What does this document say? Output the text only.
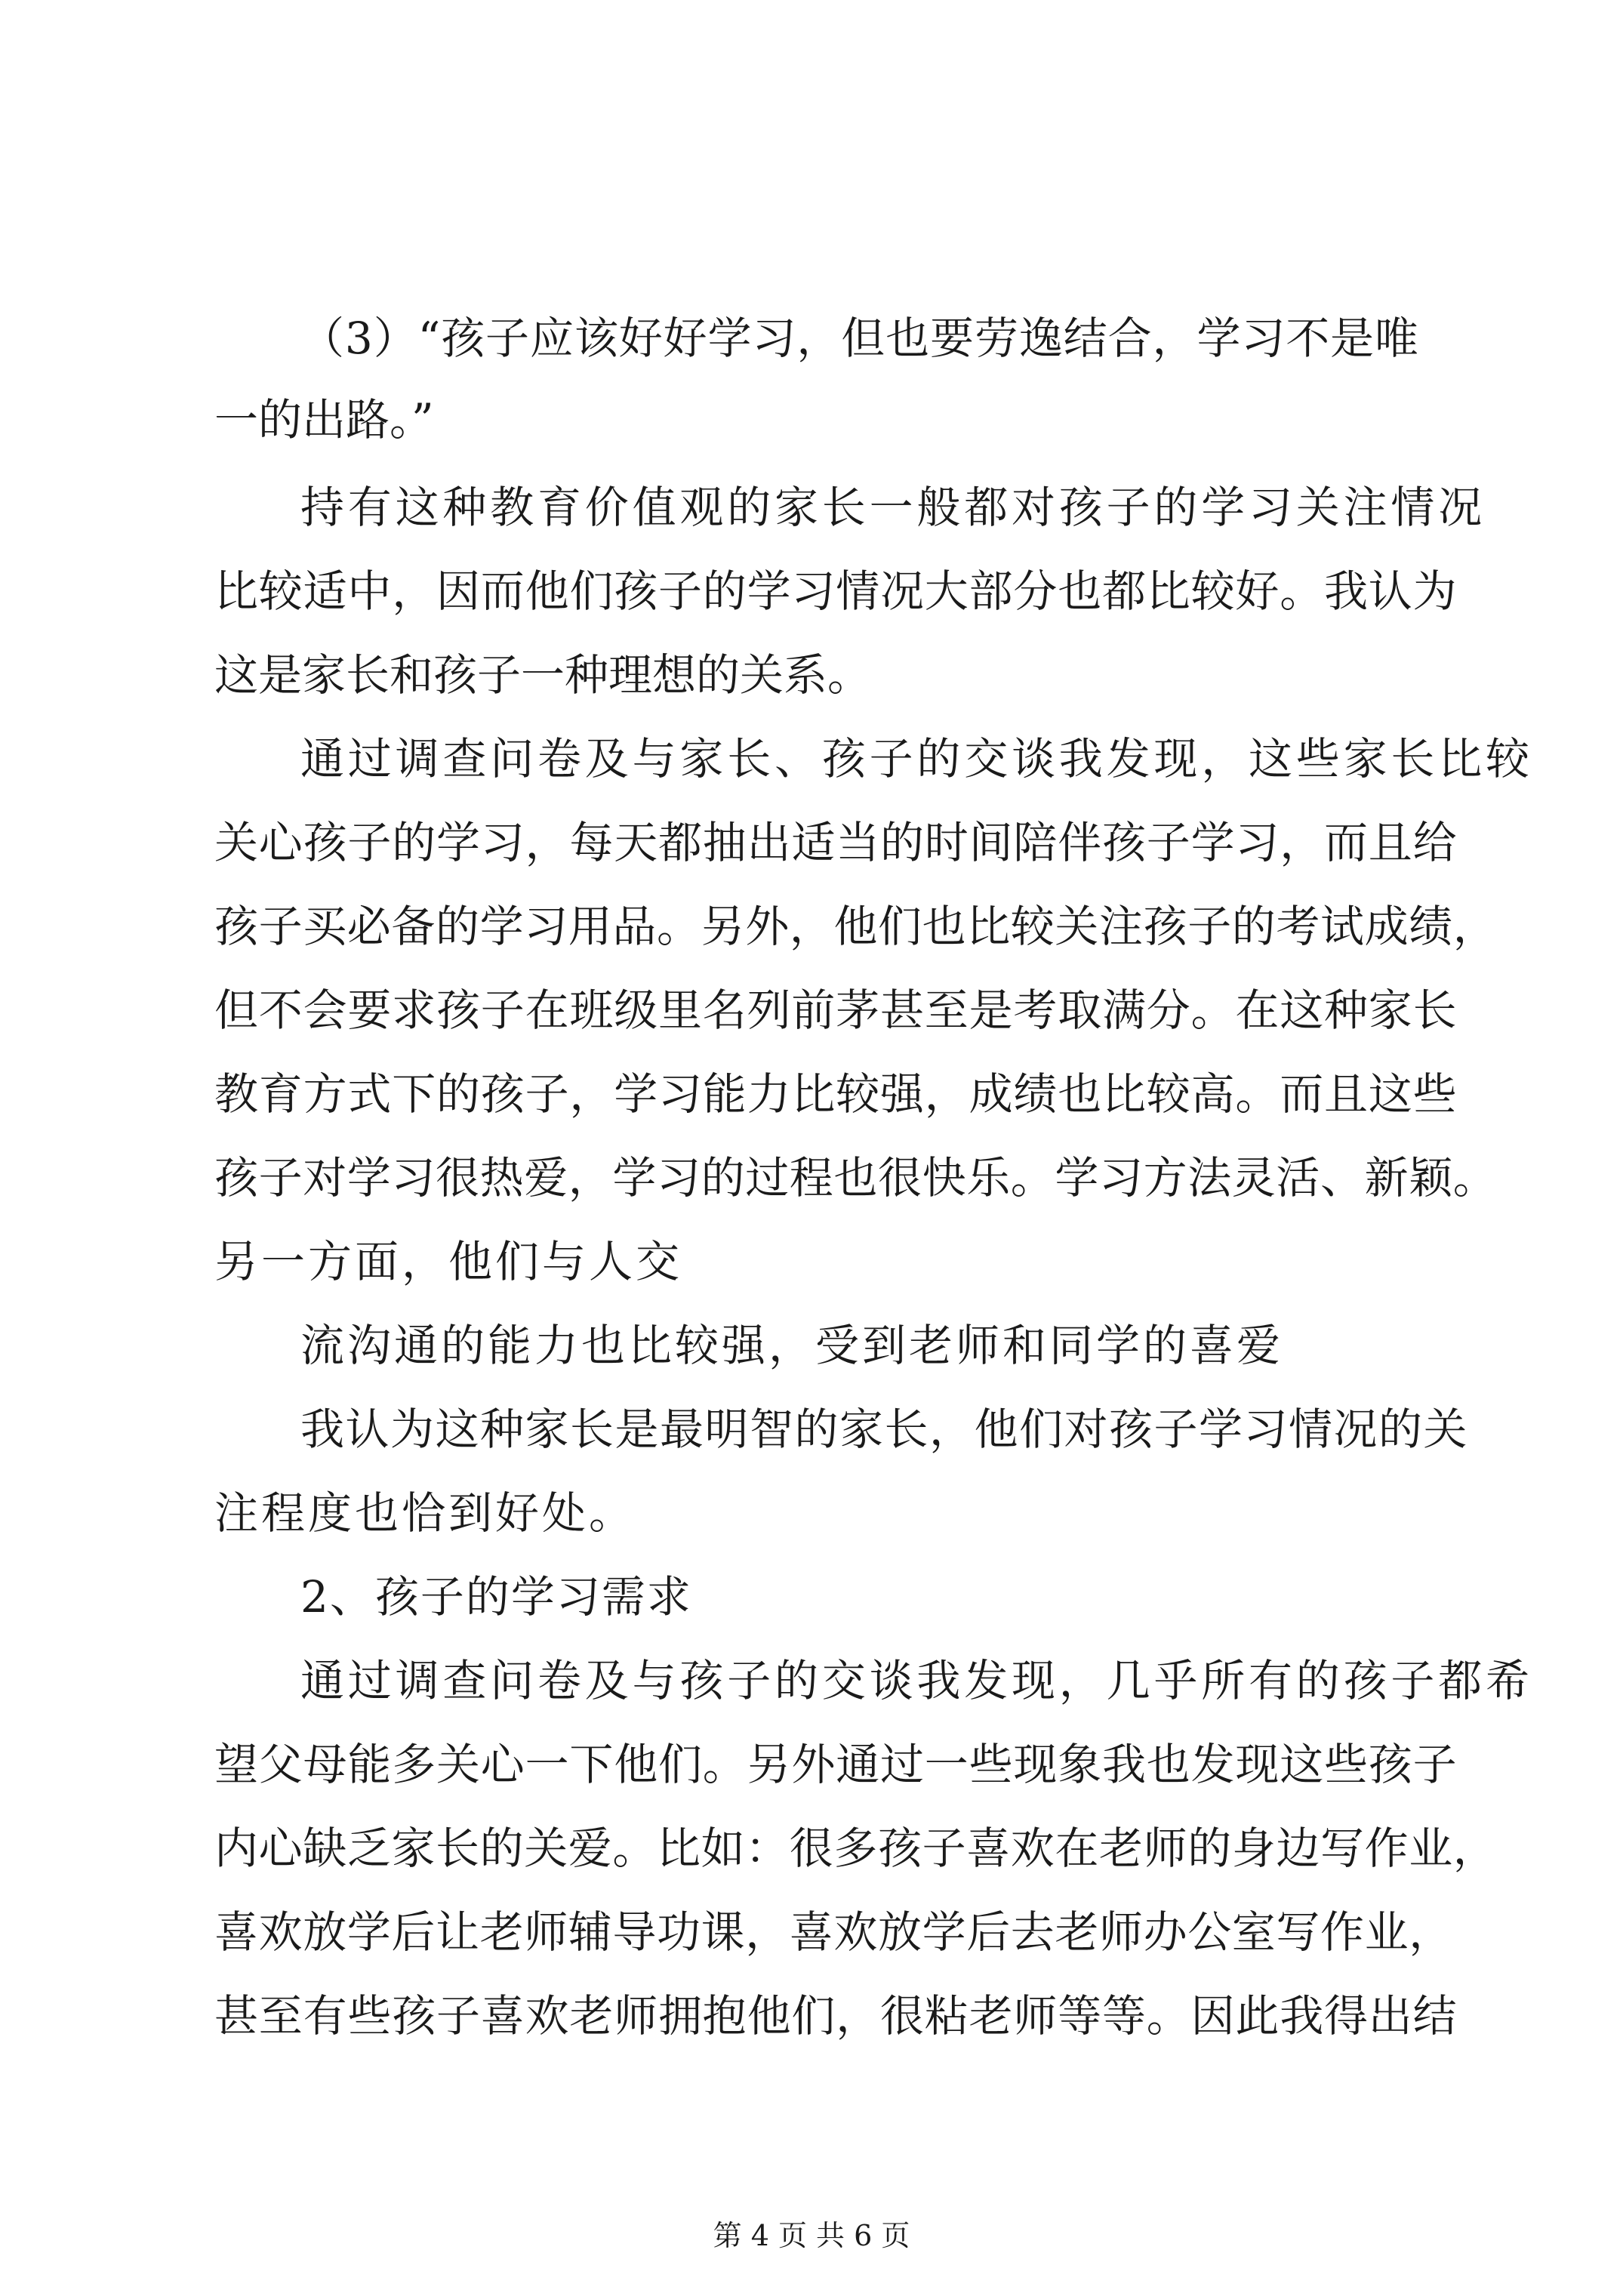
（3）“孩子应该好好学习，但也要劳逸结合，学习不是唯
一的出路。”
持有这种教育价值观的家长一般都对孩子的学习关注情况
比较适中，因而他们孩子的学习情况大部分也都比较好。我认为
这是家长和孩子一种理想的关系。
通过调查问卷及与家长、孩子的交谈我发现，这些家长比较
关心孩子的学习，每天都抽出适当的时间陪伴孩子学习，而且给
孩子买必备的学习用品。另外，他们也比较关注孩子的考试成绩，
但不会要求孩子在班级里名列前茅甚至是考取满分。在这种家长
教育方式下的孩子，学习能力比较强，成绩也比较高。而且这些
孩子对学习很热爱，学习的过程也很快乐。学习方法灵活、新颖。
另一方面，他们与人交
流沟通的能力也比较强，受到老师和同学的喜爱
我认为这种家长是最明智的家长，他们对孩子学习情况的关
注程度也恰到好处。
2、孩子的学习需求
通过调查问卷及与孩子的交谈我发现，几乎所有的孩子都希
望父母能多关心一下他们。另外通过一些现象我也发现这些孩子
内心缺乏家长的关爱。比如：很多孩子喜欢在老师的身边写作业，
喜欢放学后让老师辅导功课，喜欢放学后去老师办公室写作业，
甚至有些孩子喜欢老师拥抱他们，很粘老师等等。因此我得出结
第 4 页 共 6 页
